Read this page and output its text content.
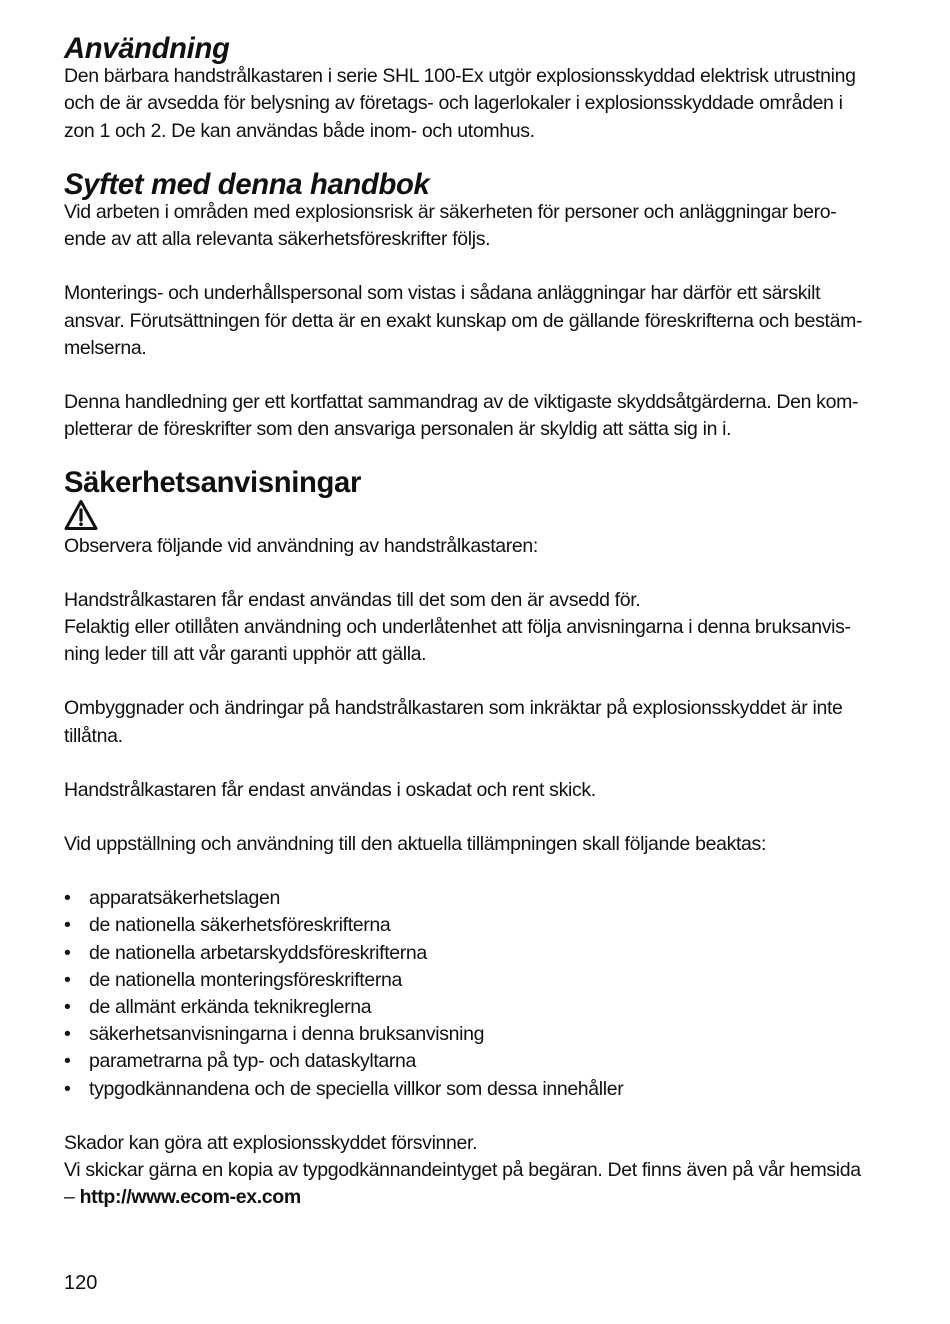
Användning

Den bärbara handstrålkastaren i serie SHL 100-Ex utgör explosionsskyddad elektrisk utrustning
och de är avsedda för belysning av företags- och lagerlokaler i explosionsskyddade områden i
zon 1 och 2. De kan användas både inom- och utomhus.

Syftet med denna handbok

Vid arbeten i områden med explosionsrisk är säkerheten för personer och anläggningar bero-
ende av att alla relevanta säkerhetsföreskrifter följs.

Monterings- och underhållspersonal som vistas i sådana anläggningar har därför ett särskilt
ansvar. Förutsättningen för detta är en exakt kunskap om de gällande föreskrifterna och bestäm-
melserna.

Denna handledning ger ett kortfattat sammandrag av de viktigaste skyddsåtgärderna. Den kom-
pletterar de föreskrifter som den ansvariga personalen är skyldig att sätta sig in i.

Säkerhetsanvisningar

Observera följande vid användning av handstrålkastaren:

Handstrålkastaren får endast användas till det som den är avsedd för.
Felaktig eller otillåten användning och underlåtenhet att följa anvisningarna i denna bruksanvis-
ning leder till att vår garanti upphör att gälla.

Ombyggnader och ändringar på handstrålkastaren som inkräktar på explosionsskyddet är inte
tillåtna.

Handstrålkastaren får endast användas i oskadat och rent skick.

Vid uppställning och användning till den aktuella tillämpningen skall följande beaktas:

• apparatsäkerhetslagen
• de nationella säkerhetsföreskrifterna
• de nationella arbetarskyddsföreskrifterna
• de nationella monteringsföreskrifterna
• de allmänt erkända teknikreglerna
• säkerhetsanvisningarna i denna bruksanvisning
• parametrarna på typ- och dataskyltarna
• typgodkännandena och de speciella villkor som dessa innehåller

Skador kan göra att explosionsskyddet försvinner.
Vi skickar gärna en kopia av typgodkännandeintyget på begäran. Det finns även på vår hemsida
– http://www.ecom-ex.com

120
